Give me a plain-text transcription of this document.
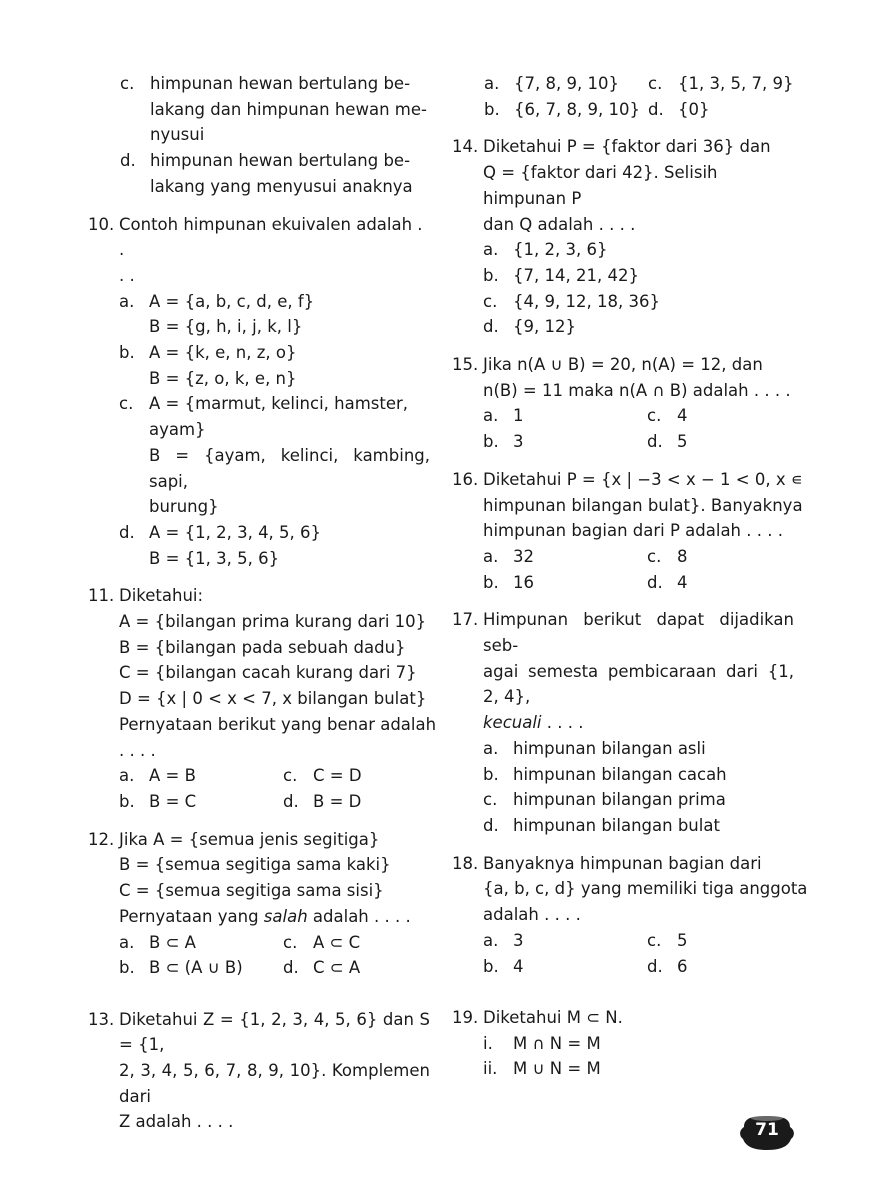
c. himpunan hewan bertulang be-
lakang dan himpunan hewan me-
nyusui
d. himpunan hewan bertulang be-
lakang yang menyusui anaknya
10. Contoh himpunan ekuivalen adalah . .
. .
a. A = {a, b, c, d, e, f}
B = {g, h, i, j, k, l}
b. A = {k, e, n, z, o}
B = {z, o, k, e, n}
c. A = {marmut, kelinci, hamster,
ayam}
B = {ayam, kelinci, kambing, sapi,
burung}
d. A = {1, 2, 3, 4, 5, 6}
B = {1, 3, 5, 6}
11. Diketahui:
A = {bilangan prima kurang dari 10}
B = {bilangan pada sebuah dadu}
C = {bilangan cacah kurang dari 7}
D = {x | 0 < x < 7, x bilangan bulat}
Pernyataan berikut yang benar adalah
. . . .
a. A = B	c. C = D
b. B = C	d. B = D
12. Jika A = {semua jenis segitiga}
B = {semua segitiga sama kaki}
C = {semua segitiga sama sisi}
Pernyataan yang salah adalah . . . .
a. B ⊂ A	c. A ⊂ C
b. B ⊂ (A ∪ B) d. C ⊂ A
13. Diketahui Z = {1, 2, 3, 4, 5, 6} dan S = {1,
2, 3, 4, 5, 6, 7, 8, 9, 10}. Komplemen dari
Z adalah . . . .
a. {7, 8, 9, 10} c. {1, 3, 5, 7, 9}
b. {6, 7, 8, 9, 10} d. {0}
14. Diketahui P = {faktor dari 36} dan
Q = {faktor dari 42}. Selisih himpunan P
dan Q adalah . . . .
a. {1, 2, 3, 6}
b. {7, 14, 21, 42}
c. {4, 9, 12, 18, 36}
d. {9, 12}
15. Jika n(A ∪ B) = 20, n(A) = 12, dan
n(B) = 11 maka n(A ∩ B) adalah . . . .
a. 1	c. 4
b. 3	d. 5
16. Diketahui P = {x | −3 < x − 1 < 0, x ∊
himpunan bilangan bulat}. Banyaknya
himpunan bagian dari P adalah . . . .
a. 32	c. 8
b. 16	d. 4
17. Himpunan berikut dapat dijadikan seb-
agai semesta pembicaraan dari {1, 2, 4},
kecuali . . . .
a. himpunan bilangan asli
b. himpunan bilangan cacah
c. himpunan bilangan prima
d. himpunan bilangan bulat
18. Banyaknya himpunan bagian dari
{a, b, c, d} yang memiliki tiga anggota
adalah . . . .
a. 3	c. 5
b. 4	d. 6
19. Diketahui M ⊂ N.
i.	M ∩ N = M
ii. M ∪ N = M
71
